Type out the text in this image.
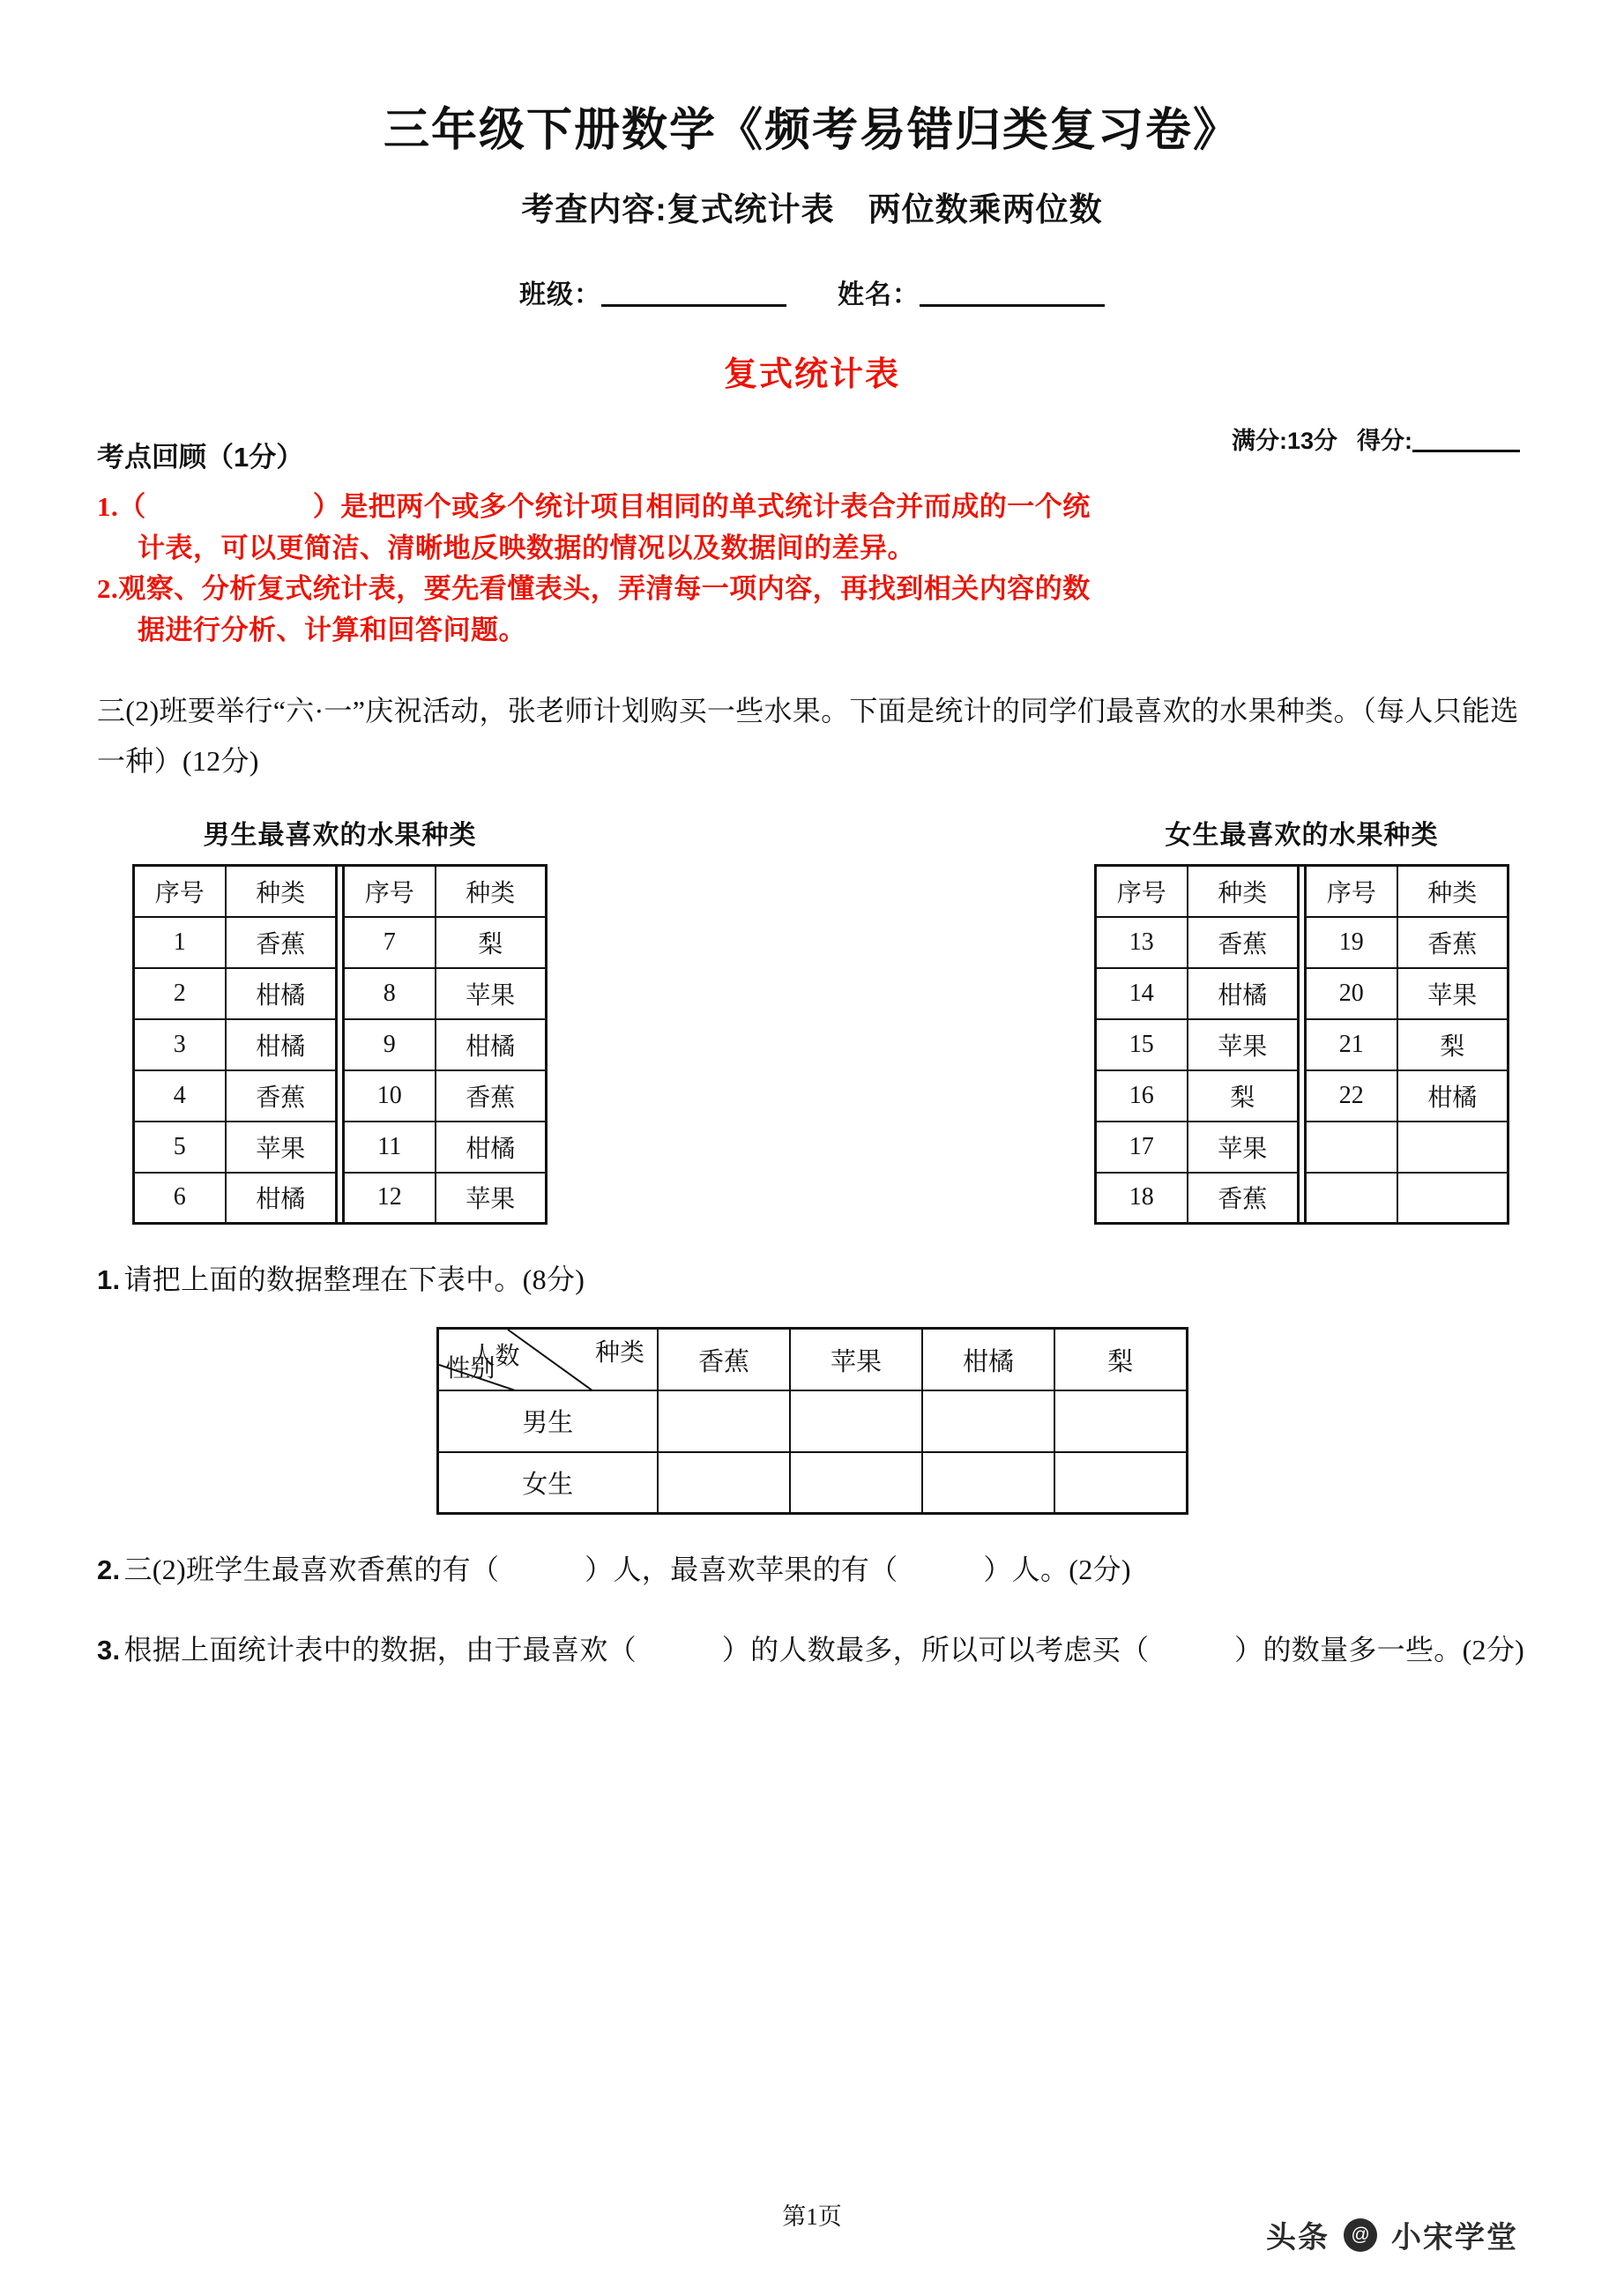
三年级下册数学《频考易错归类复习卷》
考查内容:复式统计表　两位数乘两位数
班级：	姓名：
复式统计表
考点回顾（1分）
满分:13分 得分:
1.（　　　　　　）是把两个或多个统计项目相同的单式统计表合并而成的一个统
计表，可以更简洁、清晰地反映数据的情况以及数据间的差异。
2.观察、分析复式统计表，要先看懂表头，弄清每一项内容，再找到相关内容的数
据进行分析、计算和回答问题。
三(2)班要举行“六·一”庆祝活动，张老师计划购买一些水果。下面是统计的同学们最喜欢的水果种类。（每人只能选一种）(12分)
男生最喜欢的水果种类
序号	种类		序号	种类
1	香蕉		7	梨
2	柑橘		8	苹果
3	柑橘		9	柑橘
4	香蕉		10	香蕉
5	苹果		11	柑橘
6	柑橘		12	苹果
女生最喜欢的水果种类
序号	种类		序号	种类
13	香蕉		19	香蕉
14	柑橘		20	苹果
15	苹果		21	梨
16	梨		22	柑橘
17	苹果			
18	香蕉			
1. 请把上面的数据整理在下表中。(8分)
人数 种类
性别	香蕉	苹果	柑橘	梨
男生				
女生				
2. 三(2)班学生最喜欢香蕉的有（　　　）人，最喜欢苹果的有（　　　）人。(2分)
3. 根据上面统计表中的数据，由于最喜欢（　　　）的人数最多，所以可以考虑买（　　　）的数量多一些。(2分)
第1页
头条	@ 小宋学堂
